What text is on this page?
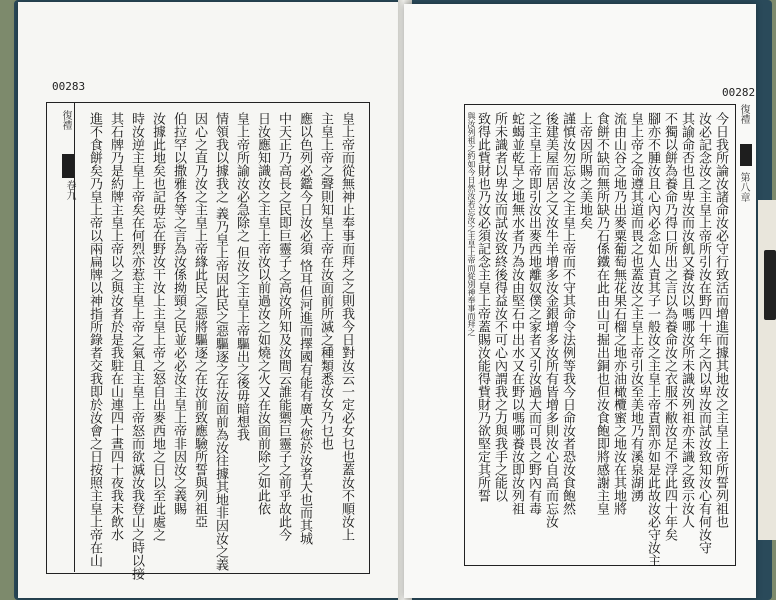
00283
復禮
卷九	皇上帝而從無神止奉事而拜之之則我今日對汝云一定必女乜也蓋汝不順汝上
主皇上帝之聲則知皇上帝在汝面前所滅之種類悉汝女乃乜也
應以色列必鑑今日汝必須 恪耳但河進而擇國有能有廣大您於汝者大也而其城
中天正乃高長之民即巨靈子之高汝所知及汝間云誰能禦巨靈子之前乎故此今
日汝應知識汝之主皇上帝汝以前過汝之如燒之火又在汝面前除之如此依
皇上帝所諭汝必急除之 但汝之主皇上帝驅出之後毋暗想我
情領我以據我之 義乃皇上帝因此民之惡驅逐之在汝面前為汝往據其地非因汝之義
因心之直乃汝之主皇上帝緣此民之惡將驅逐之在汝前致應驗所誓與列祖亞
伯拉罕以撒雅各等之言為汝係拗頸之民並必必汝主皇上帝非因汝之義賜
汝據此地矣也記毋忘在野汝干汝上主皇上帝之怒自出麥西地之日以至此處之
時汝逆主皇上帝矣在何烈亦惹主皇上帝之氣且主皇上帝怒而欲滅汝我登山之時以接
其石牌乃是約牌主皇上帝以之與汝者於是我駐在山連四十晝四十夜我未飲水
進不食餅矣乃皇上帝以兩扁牌以神指所錄者交我即於汝會之日按照主皇上帝在山
00282
復禮
第八章
今日我所論汝諸命汝必守行致活而增進而據其地汝之主皇上帝所誓列祖也
汝必記念汝之主皇上帝所引汝在野四十年之內以卑汝而試汝致知汝心有何汝守
其諭命否也且卑汝而汝飢又養汝以嗎哪汝所未識汝列祖亦未識之致示汝人
不獨以餅為養命乃得口所出之言以為養命汝之衣服不敝汝足不浮此四十年矣
腳亦不腫汝且心內必念如人責其子一般汝之主皇上帝責罰亦如是此故汝必守汝主
皇上帝之命遵其道而畏之也蓋汝之主皇上帝引汝至美地乃有溪泉湖湧
流由山谷之地乃出麥粟葡萄無花果石榴之地亦油橄欖蜜之地汝在其地將
食餅不缺而無所缺乃石係鐵在此由山可掘出銅也但汝食飽即將感謝主皇
上帝因所賜之美地矣
謹慎汝勿忘汝之主皇上帝而不守其命令法例等我今日命汝者恐汝食飽然
後建美屋而居之又汝牛羊增多汝金銀增多汝所有皆增多則汝心自高而忘汝
之主皇上帝即引汝出麥西地離奴僕之家者又引汝過大而可畏之野內有毒
蛇蝎並乾旱之地無水者乃為汝由堅石中出水又在野以嗎哪養汝即汝列祖
所未識者以卑汝而試汝致終後得益汝不可心內謂我之力與我手之能以
致得此貲財也乃汝必須記念主皇上帝蓋賜汝能得貲財乃欲堅定其所誓
與汝列祖之約如今日然汝若忘汝之主皇上帝而從別神奉事而拜之
